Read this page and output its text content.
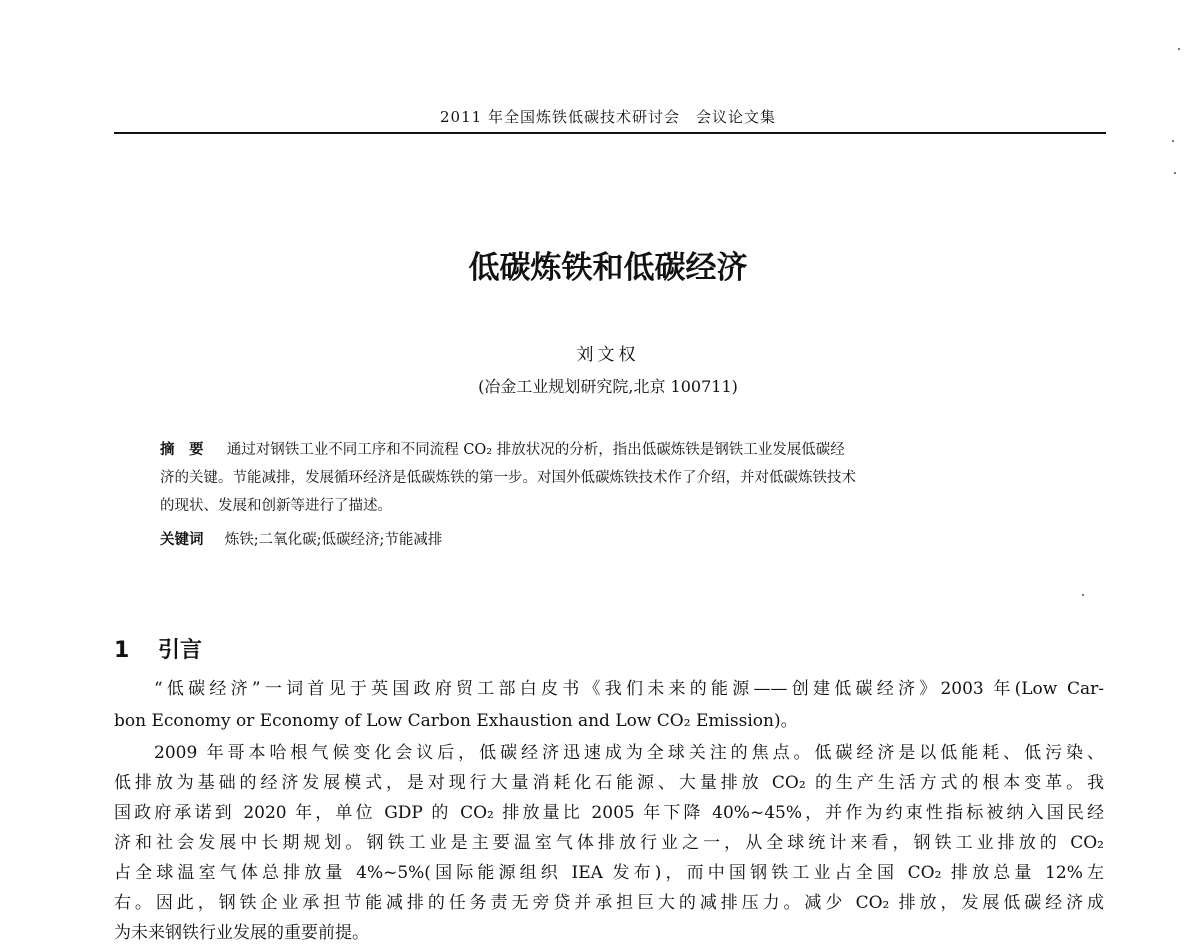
2011 年全国炼铁低碳技术研讨会　会议论文集
低碳炼铁和低碳经济
刘文权
(冶金工业规划研究院,北京 100711)
摘　要 通过对钢铁工业不同工序和不同流程 CO₂ 排放状况的分析，指出低碳炼铁是钢铁工业发展低碳经
济的关键。节能减排，发展循环经济是低碳炼铁的第一步。对国外低碳炼铁技术作了介绍，并对低碳炼铁技术
的现状、发展和创新等进行了描述。
关键词 炼铁;二氧化碳;低碳经济;节能减排
1 引言
“低碳经济”一词首见于英国政府贸工部白皮书《我们未来的能源——创建低碳经济》2003 年(Low Car-
bon Economy or Economy of Low Carbon Exhaustion and Low CO₂ Emission)。
2009 年哥本哈根气候变化会议后，低碳经济迅速成为全球关注的焦点。低碳经济是以低能耗、低污染、
低排放为基础的经济发展模式，是对现行大量消耗化石能源、大量排放 CO₂ 的生产生活方式的根本变革。我
国政府承诺到 2020 年，单位 GDP 的 CO₂ 排放量比 2005 年下降 40%~45%，并作为约束性指标被纳入国民经
济和社会发展中长期规划。钢铁工业是主要温室气体排放行业之一，从全球统计来看，钢铁工业排放的 CO₂
占全球温室气体总排放量 4%~5%(国际能源组织 IEA 发布)，而中国钢铁工业占全国 CO₂ 排放总量 12%左
右。因此，钢铁企业承担节能减排的任务责无旁贷并承担巨大的减排压力。减少 CO₂ 排放，发展低碳经济成
为未来钢铁行业发展的重要前提。
